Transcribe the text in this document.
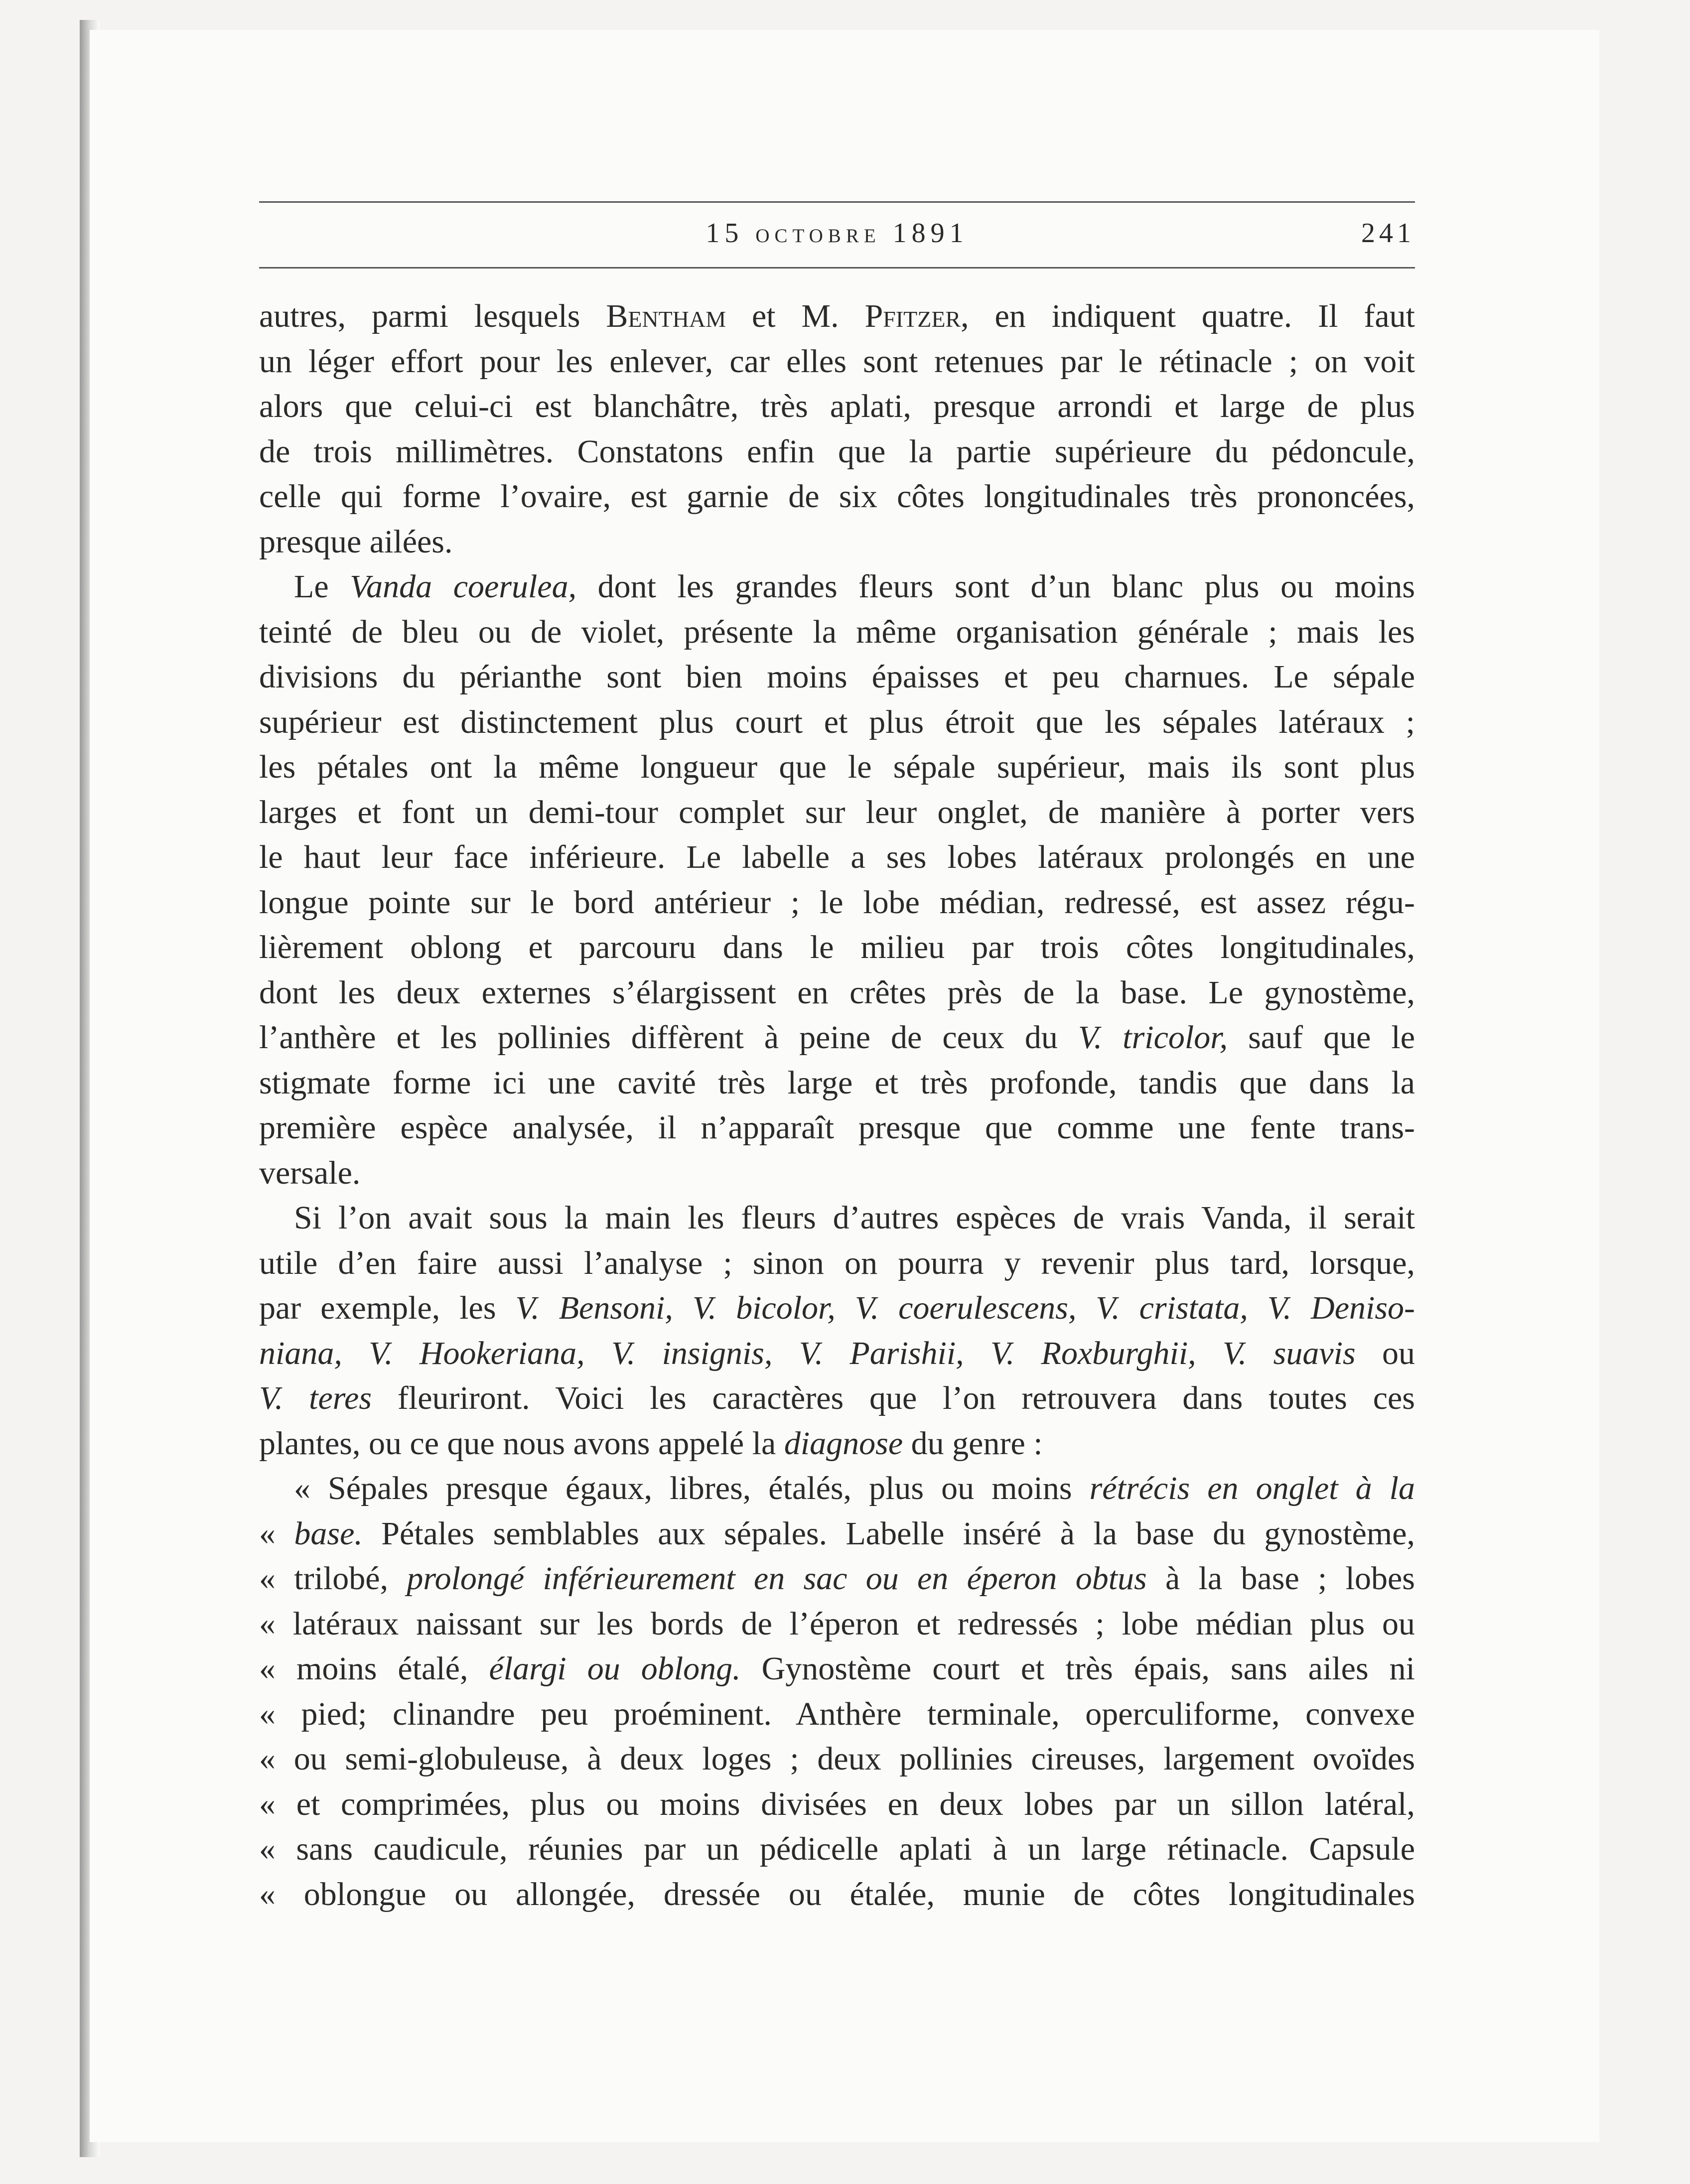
15 octobre 1891	241
autres, parmi lesquels Bentham et M. Pfitzer, en indiquent quatre. Il faut
un léger effort pour les enlever, car elles sont retenues par le rétinacle ; on voit
alors que celui-ci est blanchâtre, très aplati, presque arrondi et large de plus
de trois millimètres. Constatons enfin que la partie supérieure du pédoncule,
celle qui forme l’ovaire, est garnie de six côtes longitudinales très prononcées,
presque ailées.
Le Vanda coerulea, dont les grandes fleurs sont d’un blanc plus ou moins
teinté de bleu ou de violet, présente la même organisation générale ; mais les
divisions du périanthe sont bien moins épaisses et peu charnues. Le sépale
supérieur est distinctement plus court et plus étroit que les sépales latéraux ;
les pétales ont la même longueur que le sépale supérieur, mais ils sont plus
larges et font un demi-tour complet sur leur onglet, de manière à porter vers
le haut leur face inférieure. Le labelle a ses lobes latéraux prolongés en une
longue pointe sur le bord antérieur ; le lobe médian, redressé, est assez régu-
lièrement oblong et parcouru dans le milieu par trois côtes longitudinales,
dont les deux externes s’élargissent en crêtes près de la base. Le gynostème,
l’anthère et les pollinies diffèrent à peine de ceux du V. tricolor, sauf que le
stigmate forme ici une cavité très large et très profonde, tandis que dans la
première espèce analysée, il n’apparaît presque que comme une fente trans-
versale.
Si l’on avait sous la main les fleurs d’autres espèces de vrais Vanda, il serait
utile d’en faire aussi l’analyse ; sinon on pourra y revenir plus tard, lorsque,
par exemple, les V. Bensoni, V. bicolor, V. coerulescens, V. cristata, V. Deniso-
niana, V. Hookeriana, V. insignis, V. Parishii, V. Roxburghii, V. suavis ou
V. teres fleuriront. Voici les caractères que l’on retrouvera dans toutes ces
plantes, ou ce que nous avons appelé la diagnose du genre :
« Sépales presque égaux, libres, étalés, plus ou moins rétrécis en onglet à la
« base. Pétales semblables aux sépales. Labelle inséré à la base du gynostème,
« trilobé, prolongé inférieurement en sac ou en éperon obtus à la base ; lobes
« latéraux naissant sur les bords de l’éperon et redressés ; lobe médian plus ou
« moins étalé, élargi ou oblong. Gynostème court et très épais, sans ailes ni
« pied; clinandre peu proéminent. Anthère terminale, operculiforme, convexe
« ou semi-globuleuse, à deux loges ; deux pollinies cireuses, largement ovoïdes
« et comprimées, plus ou moins divisées en deux lobes par un sillon latéral,
« sans caudicule, réunies par un pédicelle aplati à un large rétinacle. Capsule
« oblongue ou allongée, dressée ou étalée, munie de côtes longitudinales
